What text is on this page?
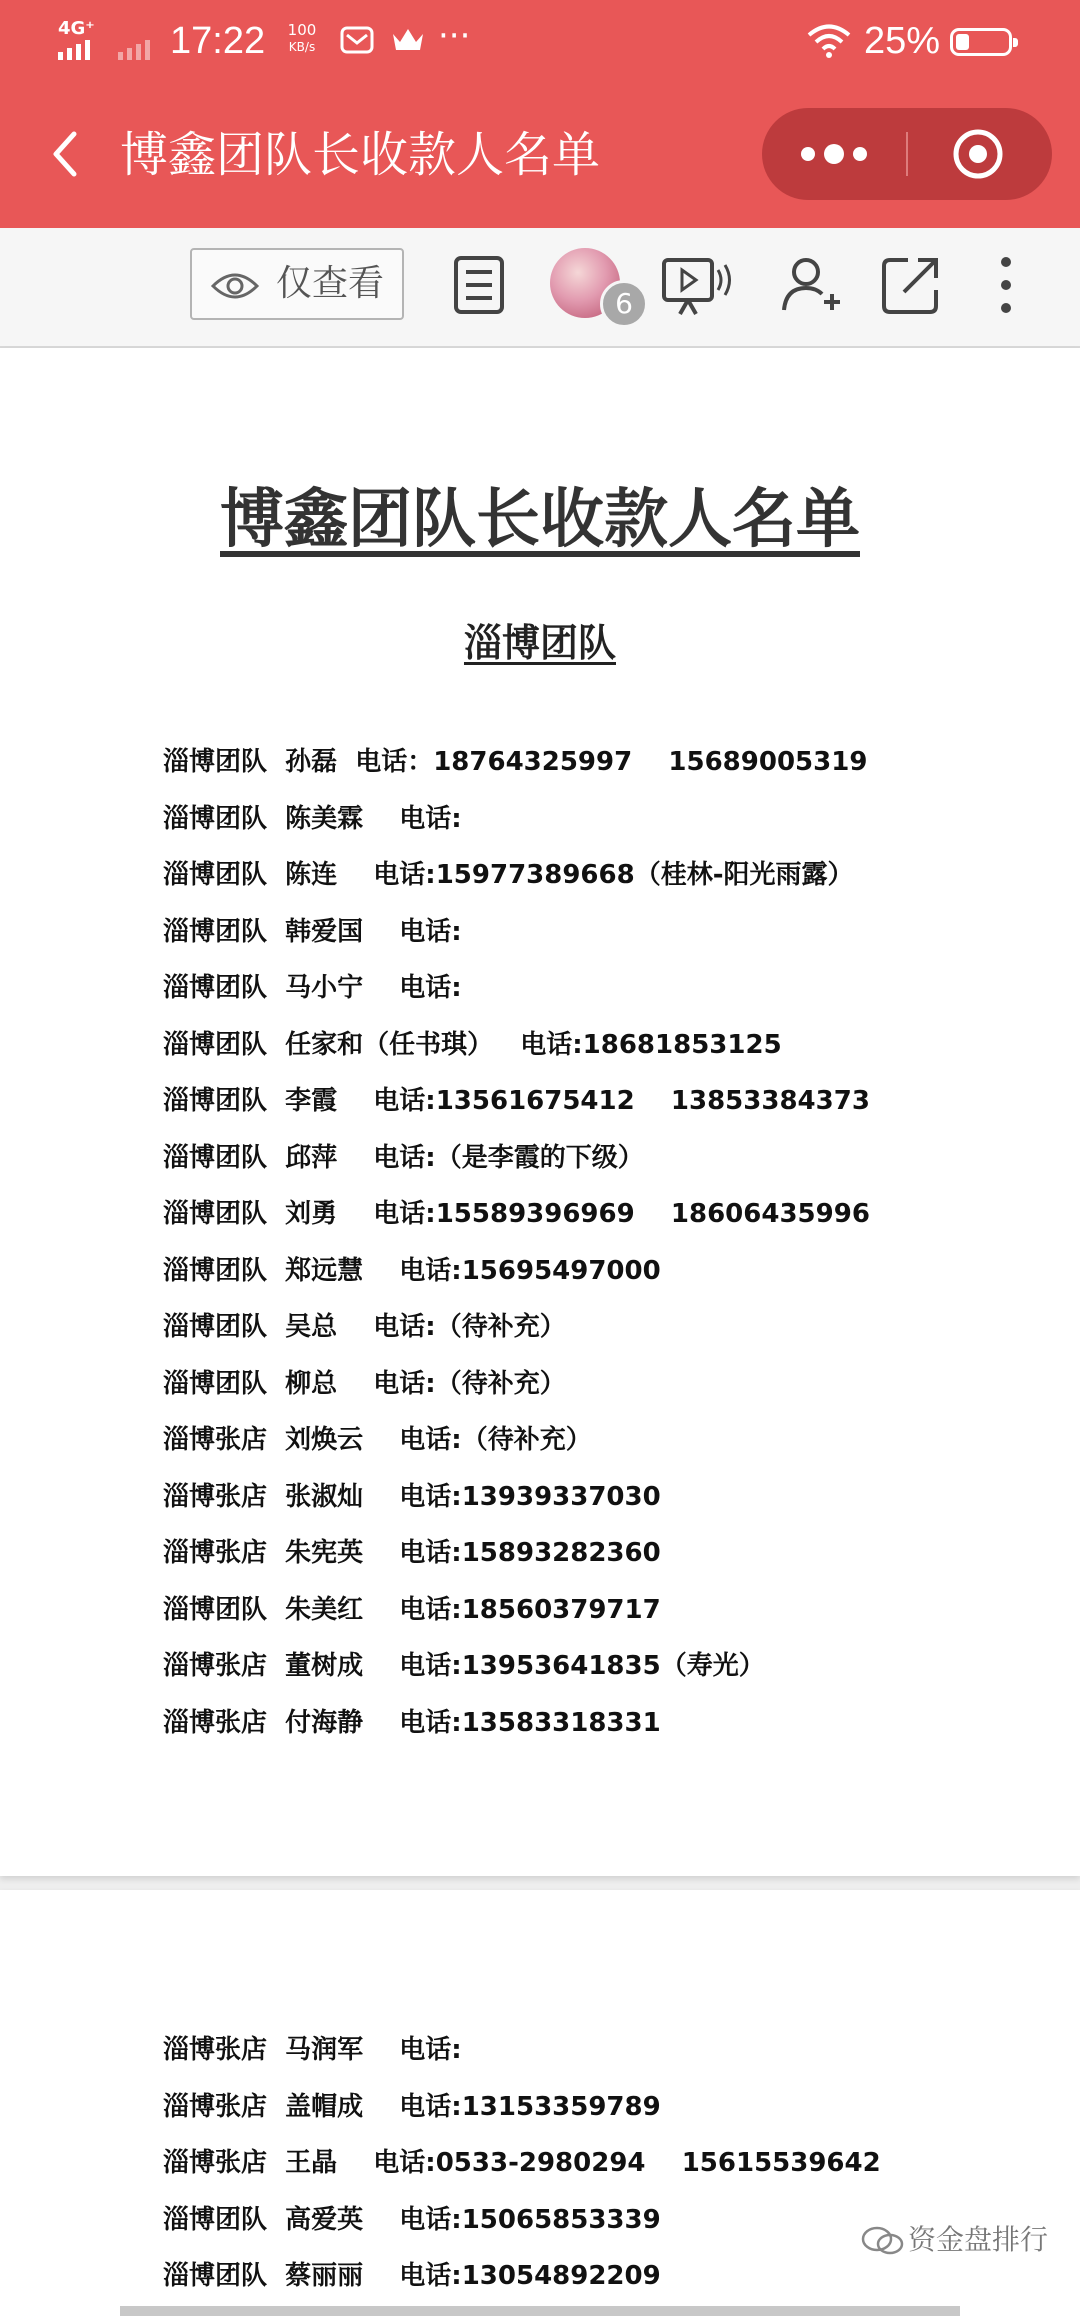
4G⁺ 17:22	100
KB/s	···	25%
博鑫团队长收款人名单
仅查看	6
博鑫团队长收款人名单
淄博团队
淄博团队  孙磊  电话：18764325997    15689005319
淄博团队  陈美霖    电话:
淄博团队  陈连    电话:15977389668（桂林-阳光雨露）
淄博团队  韩爱国    电话:
淄博团队  马小宁    电话:
淄博团队  任家和（任书琪）   电话:18681853125
淄博团队  李霞    电话:13561675412    13853384373
淄博团队  邱萍    电话:（是李霞的下级）
淄博团队  刘勇    电话:15589396969    18606435996
淄博团队  郑远慧    电话:15695497000
淄博团队  吴总    电话:（待补充）
淄博团队  柳总    电话:（待补充）
淄博张店  刘焕云    电话:（待补充）
淄博张店  张淑灿    电话:13939337030
淄博张店  朱宪英    电话:15893282360
淄博团队  朱美红    电话:18560379717
淄博张店  董树成    电话:13953641835（寿光）
淄博张店  付海静    电话:13583318331
淄博张店  马润军    电话:
淄博张店  盖帽成    电话:13153359789
淄博张店  王晶    电话:0533-2980294    15615539642
淄博团队  高爱英    电话:15065853339
淄博团队  蔡丽丽    电话:13054892209
资金盘排行
